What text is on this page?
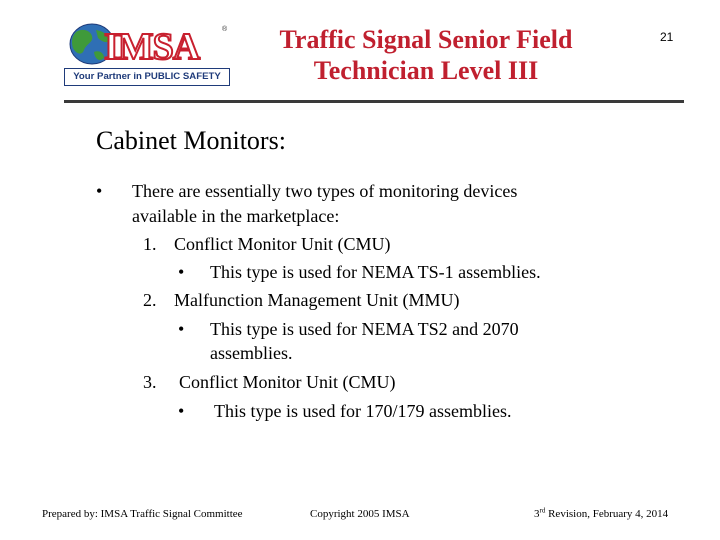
IMSA	®
Your Partner in PUBLIC SAFETY
Traffic Signal Senior Field
Technician Level III
21
Cabinet Monitors:
• There are essentially two types of monitoring devices
available in the marketplace:
1. Conflict Monitor Unit (CMU)
• This type is used for NEMA TS-1 assemblies.
2. Malfunction Management Unit (MMU)
• This type is used for NEMA TS2 and 2070
assemblies.
3. Conflict Monitor Unit (CMU)
• This type is used for 170/179 assemblies.
Prepared by: IMSA Traffic Signal Committee	Copyright 2005 IMSA	3rd Revision, February 4, 2014
